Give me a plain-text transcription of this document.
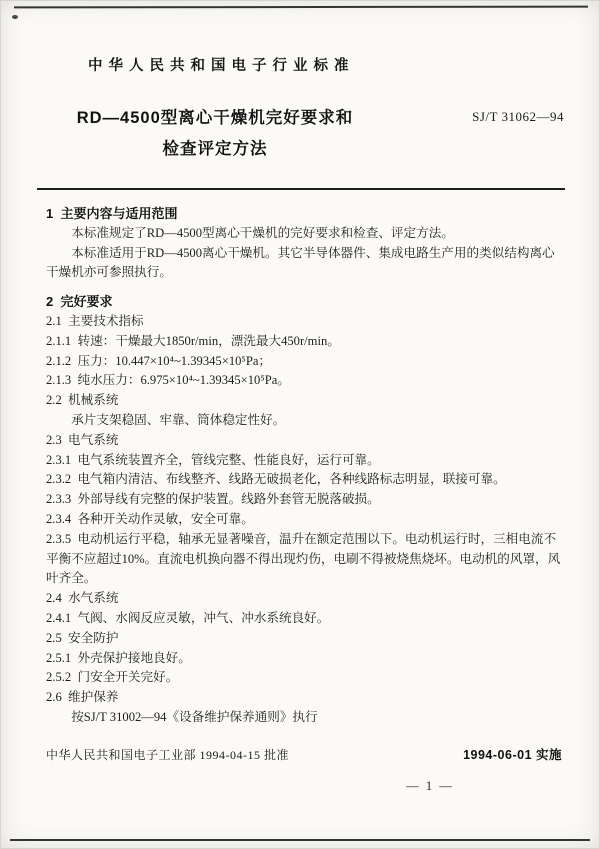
中华人民共和国电子行业标准
SJ/T 31062—94
RD—4500型离心干燥机完好要求和
检查评定方法

1  主要内容与适用范围

本标准规定了RD—4500型离心干燥机的完好要求和检查、评定方法。

本标准适用于RD—4500离心干燥机。其它半导体器件、集成电路生产用的类似结构离心

干燥机亦可参照执行。

2  完好要求

2.1  主要技术指标

2.1.1  转速：干燥最大1850r/min，漂洗最大450r/min。

2.1.2  压力：10.447×10⁴~1.39345×10⁵Pa；

2.1.3  纯水压力：6.975×10⁴~1.39345×10⁵Pa。

2.2  机械系统

承片支架稳固、牢靠、筒体稳定性好。

2.3  电气系统

2.3.1  电气系统装置齐全，管线完整、性能良好，运行可靠。

2.3.2  电气箱内清洁、布线整齐、线路无破损老化，各种线路标志明显，联接可靠。

2.3.3  外部导线有完整的保护装置。线路外套管无脱落破损。

2.3.4  各种开关动作灵敏，安全可靠。

2.3.5  电动机运行平稳，轴承无显著噪音，温升在额定范围以下。电动机运行时，三相电流不

平衡不应超过10%。直流电机换向器不得出现灼伤，电刷不得被烧焦烧坏。电动机的风罩，风

叶齐全。

2.4  水气系统

2.4.1  气阀、水阀反应灵敏，冲气、冲水系统良好。

2.5  安全防护

2.5.1  外壳保护接地良好。

2.5.2  门安全开关完好。

2.6  维护保养

按SJ/T 31002—94《设备维护保养通则》执行

中华人民共和国电子工业部 1994-04-15 批准	1994-06-01 实施
— 1 —
